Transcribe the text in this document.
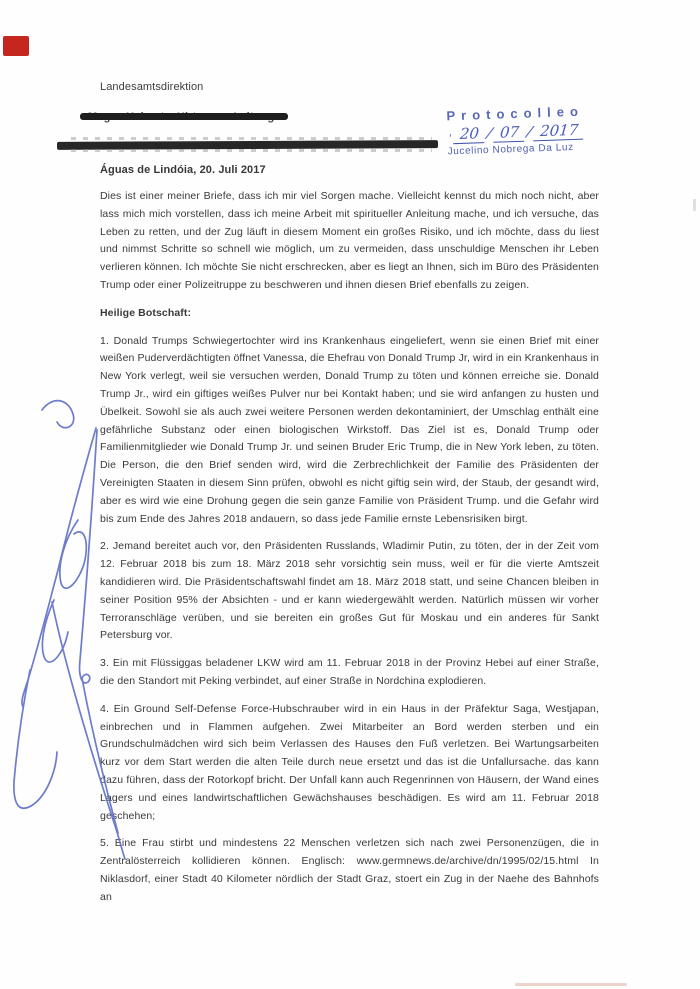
Landesamtsdirektion
Protocolleo
' 20 / 07 / 2017
Jucelino Nobrega Da Luz
Águas de Lindóia, 20. Juli 2017

Dies ist einer meiner Briefe, dass ich mir viel Sorgen mache. Vielleicht kennst du mich noch nicht, aber lass mich mich vorstellen, dass ich meine Arbeit mit spiritueller Anleitung mache, und ich versuche, das Leben zu retten, und der Zug läuft in diesem Moment ein großes Risiko, und ich möchte, dass du liest und nimmst Schritte so schnell wie möglich, um zu vermeiden, dass unschuldige Menschen ihr Leben verlieren können. Ich möchte Sie nicht erschrecken, aber es liegt an Ihnen, sich im Büro des Präsidenten Trump oder einer Polizeitruppe zu beschweren und ihnen diesen Brief ebenfalls zu zeigen.

Heilige Botschaft:

1. Donald Trumps Schwiegertochter wird ins Krankenhaus eingeliefert, wenn sie einen Brief mit einer weißen Puderverdächtigten öffnet Vanessa, die Ehefrau von Donald Trump Jr, wird in ein Krankenhaus in New York verlegt, weil sie versuchen werden, Donald Trump zu töten und können erreiche sie. Donald Trump Jr., wird ein giftiges weißes Pulver nur bei Kontakt haben; und sie wird anfangen zu husten und Übelkeit. Sowohl sie als auch zwei weitere Personen werden dekontaminiert, der Umschlag enthält eine gefährliche Substanz oder einen biologischen Wirkstoff. Das Ziel ist es, Donald Trump oder Familienmitglieder wie Donald Trump Jr. und seinen Bruder Eric Trump, die in New York leben, zu töten. Die Person, die den Brief senden wird, wird die Zerbrechlichkeit der Familie des Präsidenten der Vereinigten Staaten in diesem Sinn prüfen, obwohl es nicht giftig sein wird, der Staub, der gesandt wird, aber es wird wie eine Drohung gegen die sein ganze Familie von Präsident Trump. und die Gefahr wird bis zum Ende des Jahres 2018 andauern, so dass jede Familie ernste Lebensrisiken birgt.

2. Jemand bereitet auch vor, den Präsidenten Russlands, Wladimir Putin, zu töten, der in der Zeit vom 12. Februar 2018 bis zum 18. März 2018 sehr vorsichtig sein muss, weil er für die vierte Amtszeit kandidieren wird. Die Präsidentschaftswahl findet am 18. März 2018 statt, und seine Chancen bleiben in seiner Position 95% der Absichten - und er kann wiedergewählt werden. Natürlich müssen wir vorher Terroranschläge verüben, und sie bereiten ein großes Gut für Moskau und ein anderes für Sankt Petersburg vor.

3. Ein mit Flüssiggas beladener LKW wird am 11. Februar 2018 in der Provinz Hebei auf einer Straße, die den Standort mit Peking verbindet, auf einer Straße in Nordchina explodieren.

4. Ein Ground Self-Defense Force-Hubschrauber wird in ein Haus in der Präfektur Saga, Westjapan, einbrechen und in Flammen aufgehen. Zwei Mitarbeiter an Bord werden sterben und ein Grundschulmädchen wird sich beim Verlassen des Hauses den Fuß verletzen. Bei Wartungsarbeiten kurz vor dem Start werden die alten Teile durch neue ersetzt und das ist die Unfallursache. das kann dazu führen, dass der Rotorkopf bricht. Der Unfall kann auch Regenrinnen von Häusern, der Wand eines Lagers und eines landwirtschaftlichen Gewächshauses beschädigen. Es wird am 11. Februar 2018 geschehen;

5. Eine Frau stirbt und mindestens 22 Menschen verletzen sich nach zwei Personenzügen, die in Zentralösterreich kollidieren können. Englisch: www.germnews.de/archive/dn/1995/02/15.html In Niklasdorf, einer Stadt 40 Kilometer nördlich der Stadt Graz, stoert ein Zug in der Naehe des Bahnhofs an
